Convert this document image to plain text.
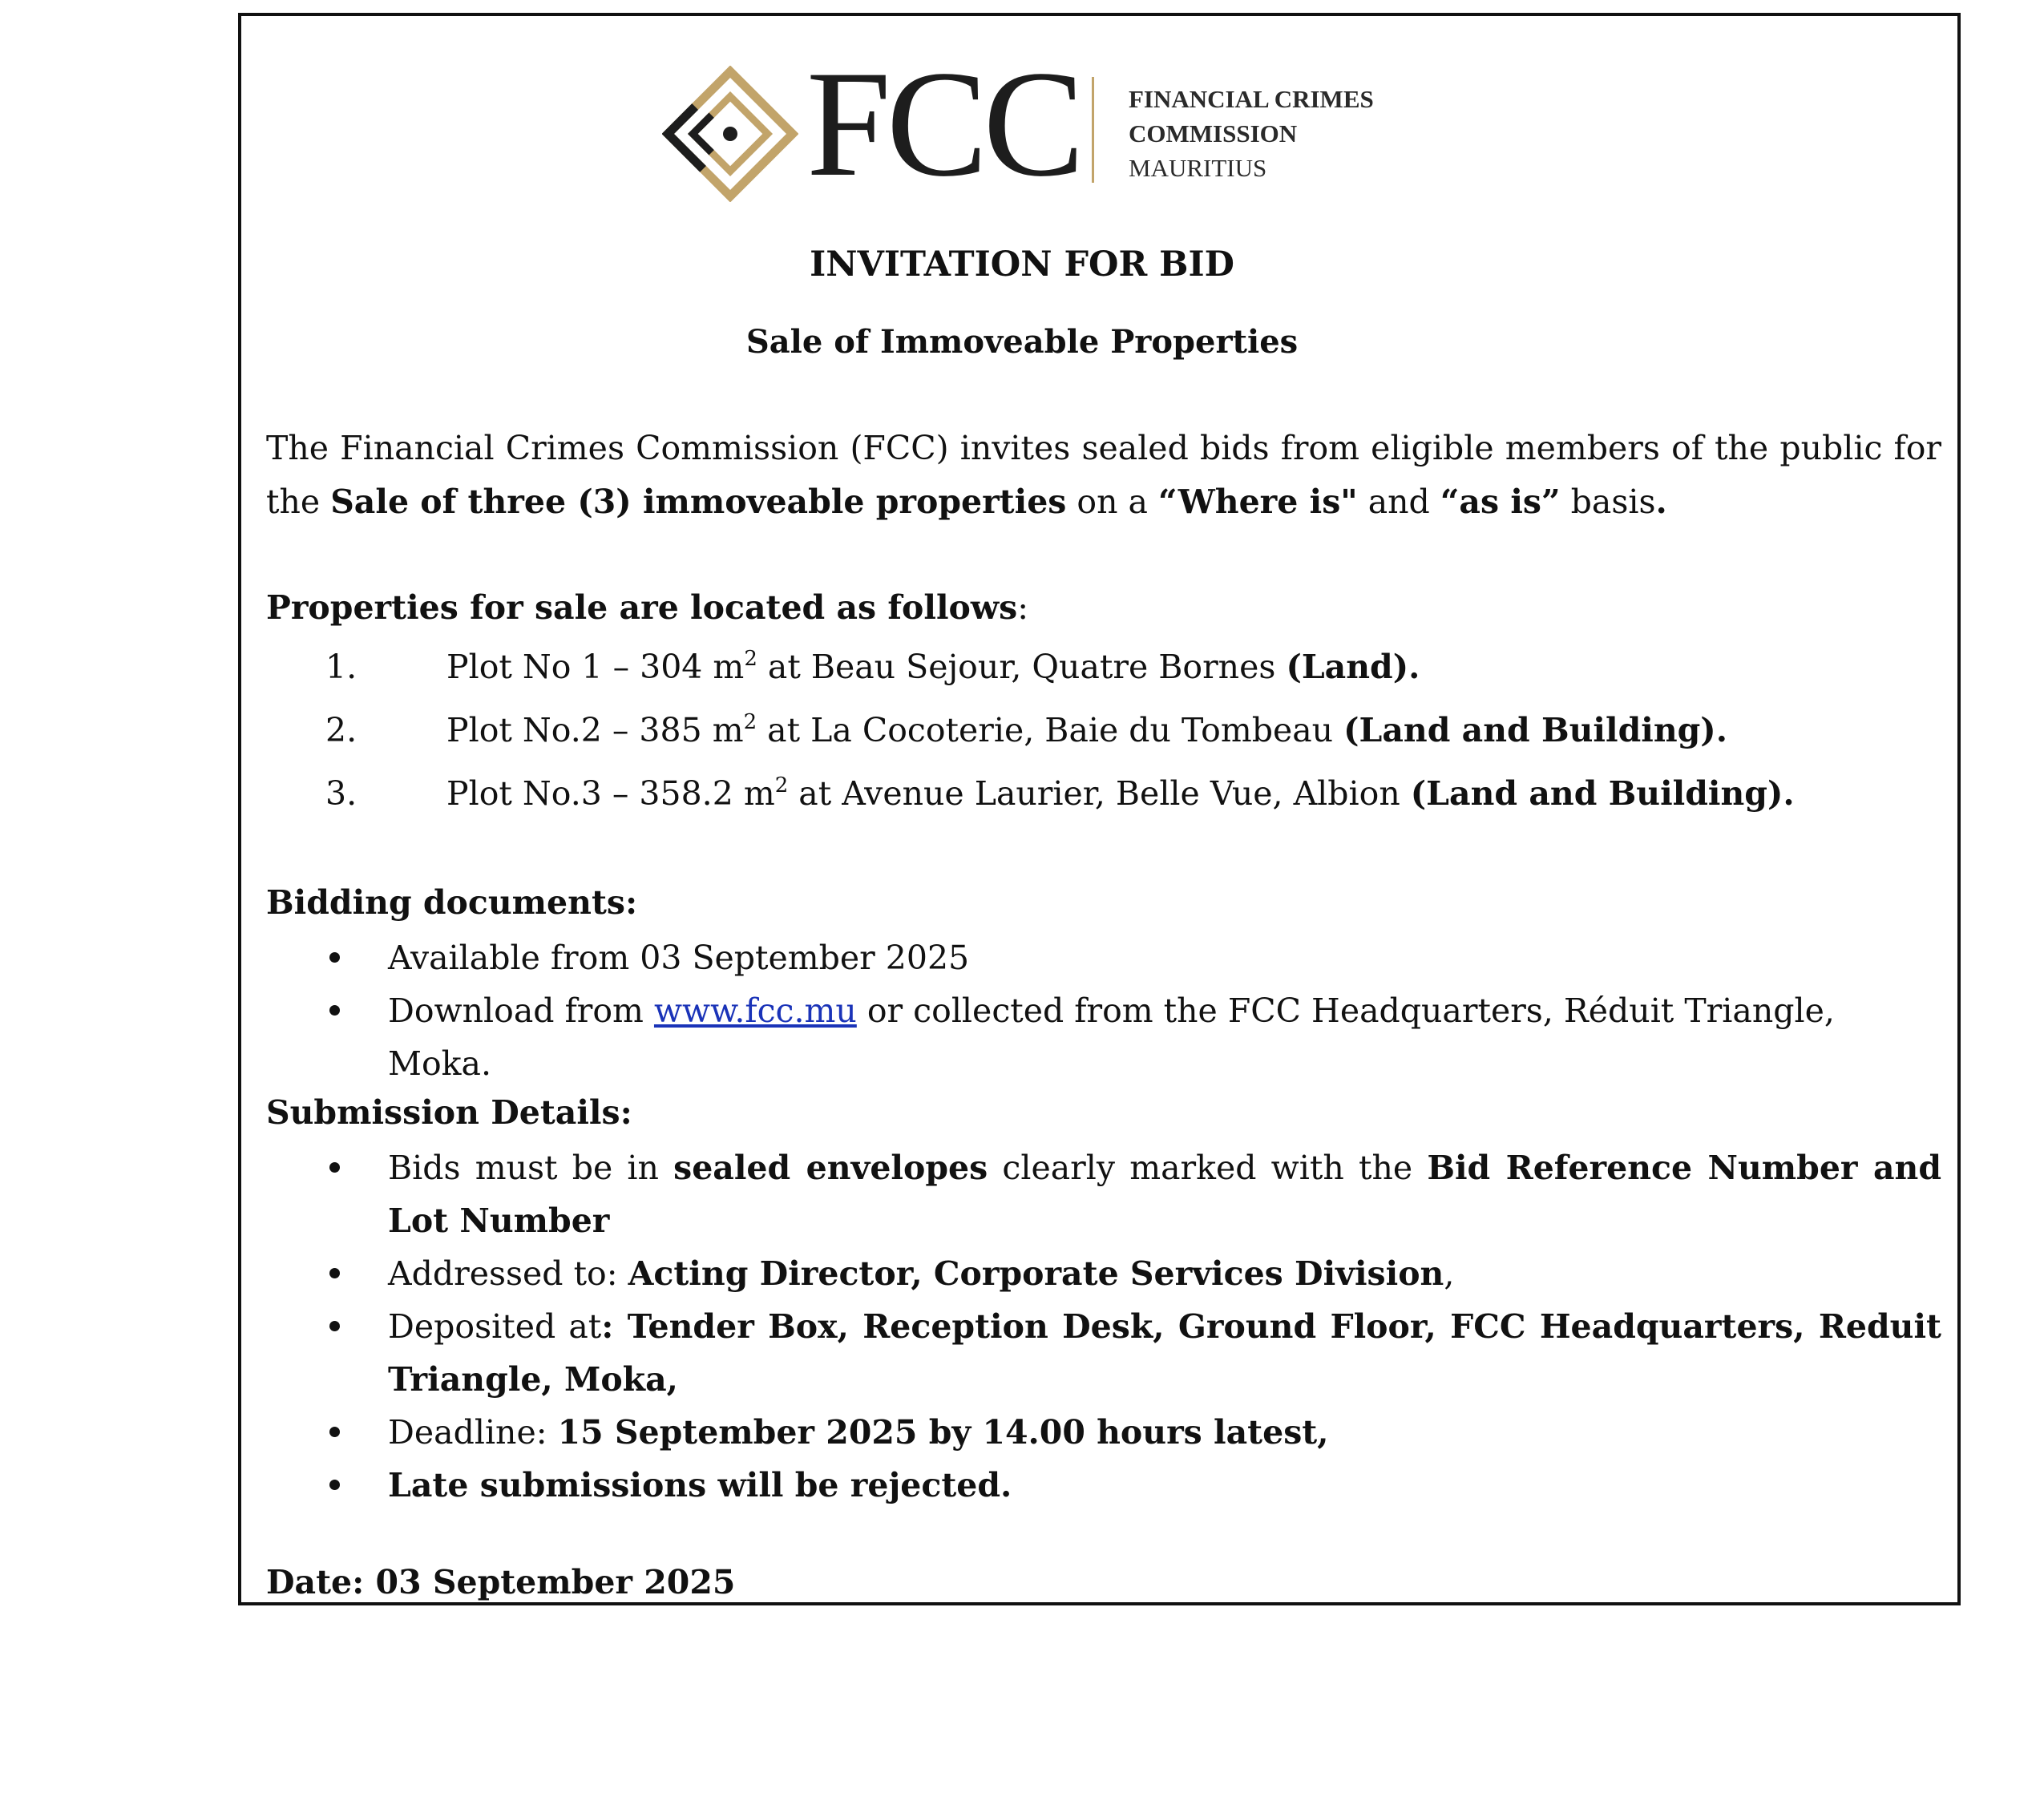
FCC FINANCIAL CRIMES
COMMISSION
MAURITIUS
INVITATION FOR BID
Sale of Immoveable Properties
The Financial Crimes Commission (FCC) invites sealed bids from eligible members of the public for the Sale of three (3) immoveable properties on a “Where is" and “as is” basis.
Properties for sale are located as follows:
1.	Plot No 1 – 304 $m^2$ at Beau Sejour, Quatre Bornes (Land).
2.	Plot No.2 – 385 $m^2$ at La Cocoterie, Baie du Tombeau (Land and Building).
3.	Plot No.3 – 358.2 $m^2$ at Avenue Laurier, Belle Vue, Albion (Land and Building).
Bidding documents:
Available from 03 September 2025
Download from www.fcc.mu or collected from the FCC Headquarters, Réduit Triangle, Moka.
Submission Details:
Bids must be in sealed envelopes clearly marked with the Bid Reference Number and Lot Number
Addressed to: Acting Director, Corporate Services Division,
Deposited at: Tender Box, Reception Desk, Ground Floor, FCC Headquarters, Reduit Triangle, Moka,
Deadline: 15 September 2025 by 14.00 hours latest,
Late submissions will be rejected.
Date: 03 September 2025
